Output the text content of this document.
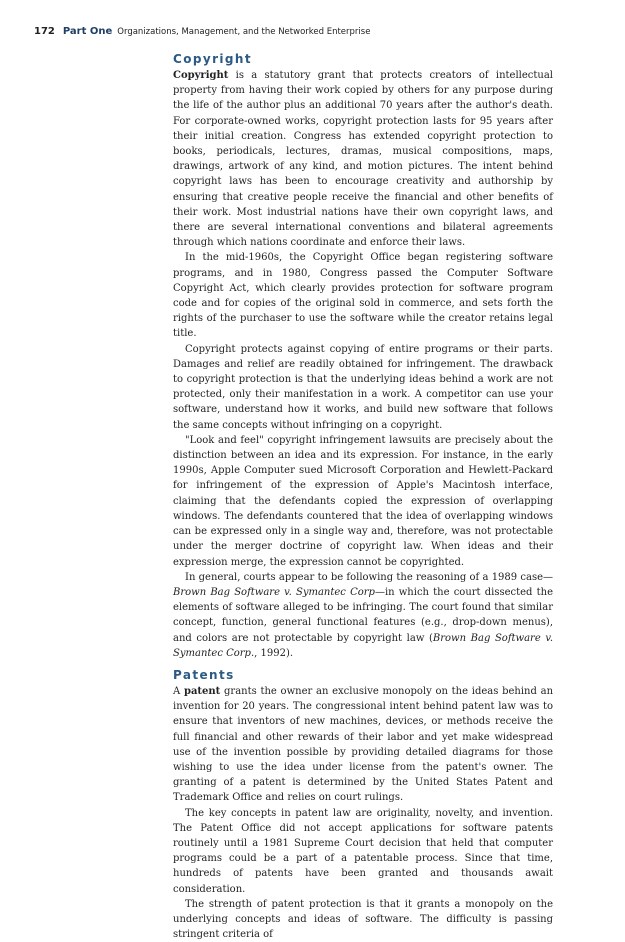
172 Part One Organizations, Management, and the Networked Enterprise
Copyright

Copyright is a statutory grant that protects creators of intellectual property from having their work copied by others for any purpose during the life of the author plus an additional 70 years after the author's death. For corporate-owned works, copyright protection lasts for 95 years after their initial creation. Congress has extended copyright protection to books, periodicals, lectures, dramas, musical compositions, maps, drawings, artwork of any kind, and motion pictures. The intent behind copyright laws has been to encourage creativity and authorship by ensuring that creative people receive the financial and other benefits of their work. Most industrial nations have their own copyright laws, and there are several international conventions and bilateral agreements through which nations coordinate and enforce their laws.

In the mid-1960s, the Copyright Office began registering software programs, and in 1980, Congress passed the Computer Software Copyright Act, which clearly provides protection for software program code and for copies of the original sold in commerce, and sets forth the rights of the purchaser to use the software while the creator retains legal title.

Copyright protects against copying of entire programs or their parts. Damages and relief are readily obtained for infringement. The drawback to copyright protection is that the underlying ideas behind a work are not protected, only their manifestation in a work. A competitor can use your software, understand how it works, and build new software that follows the same concepts without infringing on a copyright.

"Look and feel" copyright infringement lawsuits are precisely about the distinction between an idea and its expression. For instance, in the early 1990s, Apple Computer sued Microsoft Corporation and Hewlett-Packard for infringement of the expression of Apple's Macintosh interface, claiming that the defendants copied the expression of overlapping windows. The defendants countered that the idea of overlapping windows can be expressed only in a single way and, therefore, was not protectable under the merger doctrine of copyright law. When ideas and their expression merge, the expression cannot be copyrighted.

In general, courts appear to be following the reasoning of a 1989 case—Brown Bag Software v. Symantec Corp—in which the court dissected the elements of software alleged to be infringing. The court found that similar concept, function, general functional features (e.g., drop-down menus), and colors are not protectable by copyright law (Brown Bag Software v. Symantec Corp., 1992).

Patents

A patent grants the owner an exclusive monopoly on the ideas behind an invention for 20 years. The congressional intent behind patent law was to ensure that inventors of new machines, devices, or methods receive the full financial and other rewards of their labor and yet make widespread use of the invention possible by providing detailed diagrams for those wishing to use the idea under license from the patent's owner. The granting of a patent is determined by the United States Patent and Trademark Office and relies on court rulings.

The key concepts in patent law are originality, novelty, and invention. The Patent Office did not accept applications for software patents routinely until a 1981 Supreme Court decision that held that computer programs could be a part of a patentable process. Since that time, hundreds of patents have been granted and thousands await consideration.

The strength of patent protection is that it grants a monopoly on the underlying concepts and ideas of software. The difficulty is passing stringent criteria of
